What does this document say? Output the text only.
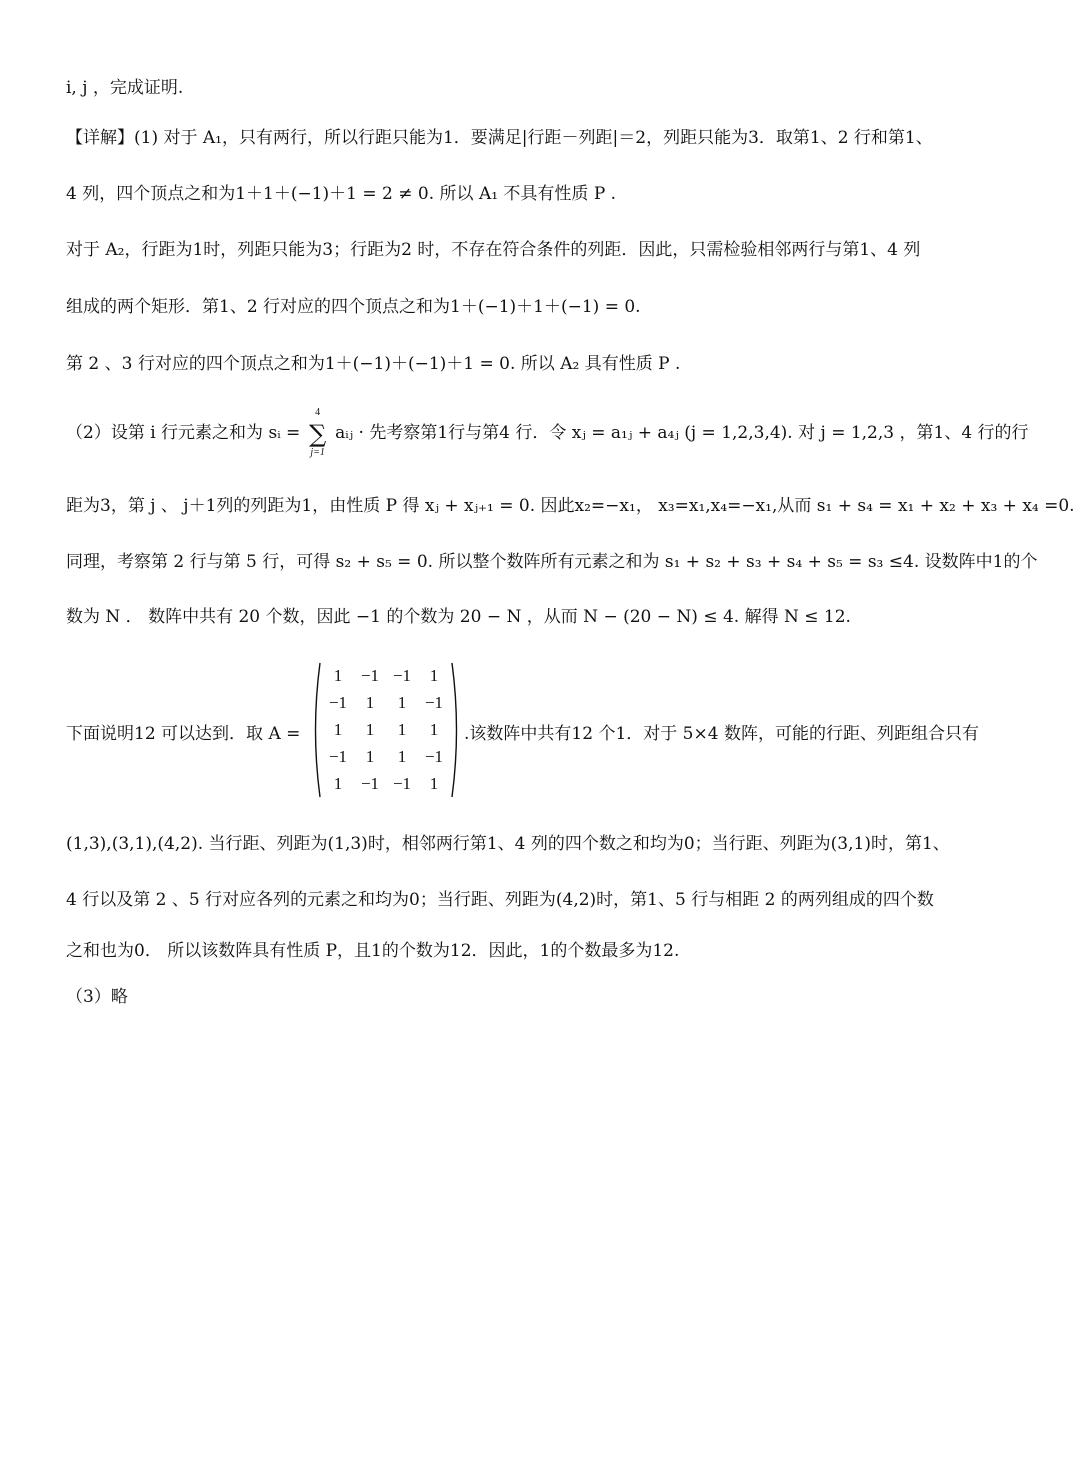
i, j ，完成证明.
【详解】(1) 对于 A₁，只有两行，所以行距只能为1．要满足|行距－列距|＝2，列距只能为3．取第1、2 行和第1、
4 列，四个顶点之和为1＋1＋(−1)＋1 = 2 ≠ 0. 所以 A₁ 不具有性质 P .
对于 A₂，行距为1时，列距只能为3；行距为2 时，不存在符合条件的列距．因此，只需检验相邻两行与第1、4 列
组成的两个矩形．第1、2 行对应的四个顶点之和为1＋(−1)＋1＋(−1) = 0.
第 2 、3 行对应的四个顶点之和为1＋(−1)＋(−1)＋1 = 0. 所以 A₂ 具有性质 P .
（2）设第 i 行元素之和为 sᵢ = ∑
4
j=1
aᵢⱼ · 先考察第1行与第4 行．令 xⱼ = a₁ⱼ + a₄ⱼ (j = 1,2,3,4). 对 j = 1,2,3 ，第1、4 行的行
距为3，第 j 、 j＋1列的列距为1，由性质 P 得 xⱼ + xⱼ₊₁ = 0. 因此x₂=−x₁， x₃=x₁,x₄=−x₁,从而 s₁ + s₄ = x₁ + x₂ + x₃ + x₄ =0.
同理，考察第 2 行与第 5 行，可得 s₂ + s₅ = 0. 所以整个数阵所有元素之和为 s₁ + s₂ + s₃ + s₄ + s₅ = s₃ ≤4. 设数阵中1的个
数为 N ． 数阵中共有 20 个数，因此 −1 的个数为 20 − N ，从而 N − (20 − N) ≤ 4. 解得 N ≤ 12.
下面说明12 可以达到．取 A =
1	−1 −1	1
−1	1	1	−1
1	1	1	1
−1	1	1	−1
1	−1 −1	1
.该数阵中共有12 个1．对于 5×4 数阵，可能的行距、列距组合只有
(1,3),(3,1),(4,2). 当行距、列距为(1,3)时，相邻两行第1、4 列的四个数之和均为0；当行距、列距为(3,1)时，第1、
4 行以及第 2 、5 行对应各列的元素之和均为0；当行距、列距为(4,2)时，第1、5 行与相距 2 的两列组成的四个数
之和也为0． 所以该数阵具有性质 P，且1的个数为12．因此，1的个数最多为12.
（3）略
